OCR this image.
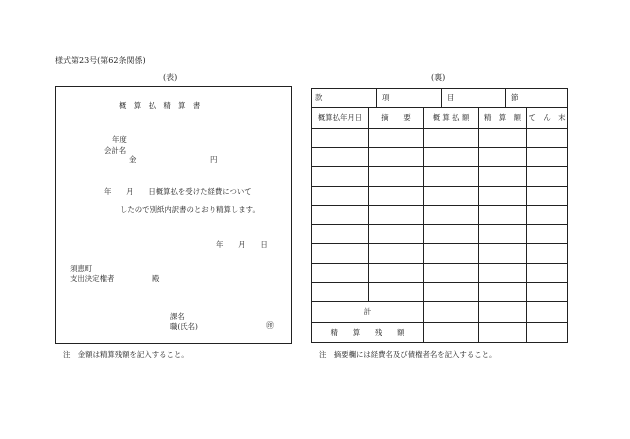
様式第23号(第62条関係)
(表)	(裏)
概　算　払　精　算　書
年度
会計名
金	円
年　　月　　日概算払を受けた経費について
したので別紙内訳書のとおり精算します。
年　　月　　日
須恵町
支出決定権者	殿
課名
職(氏名)	㊞
注　金額は精算残額を記入すること。
款 項 目 節				

概算払年月日	摘　　要	概 算 払 額	精　算　額	て　ん　末

計				
精　　算　　残　　額				
注　摘要欄には経費名及び債権者名を記入すること。
